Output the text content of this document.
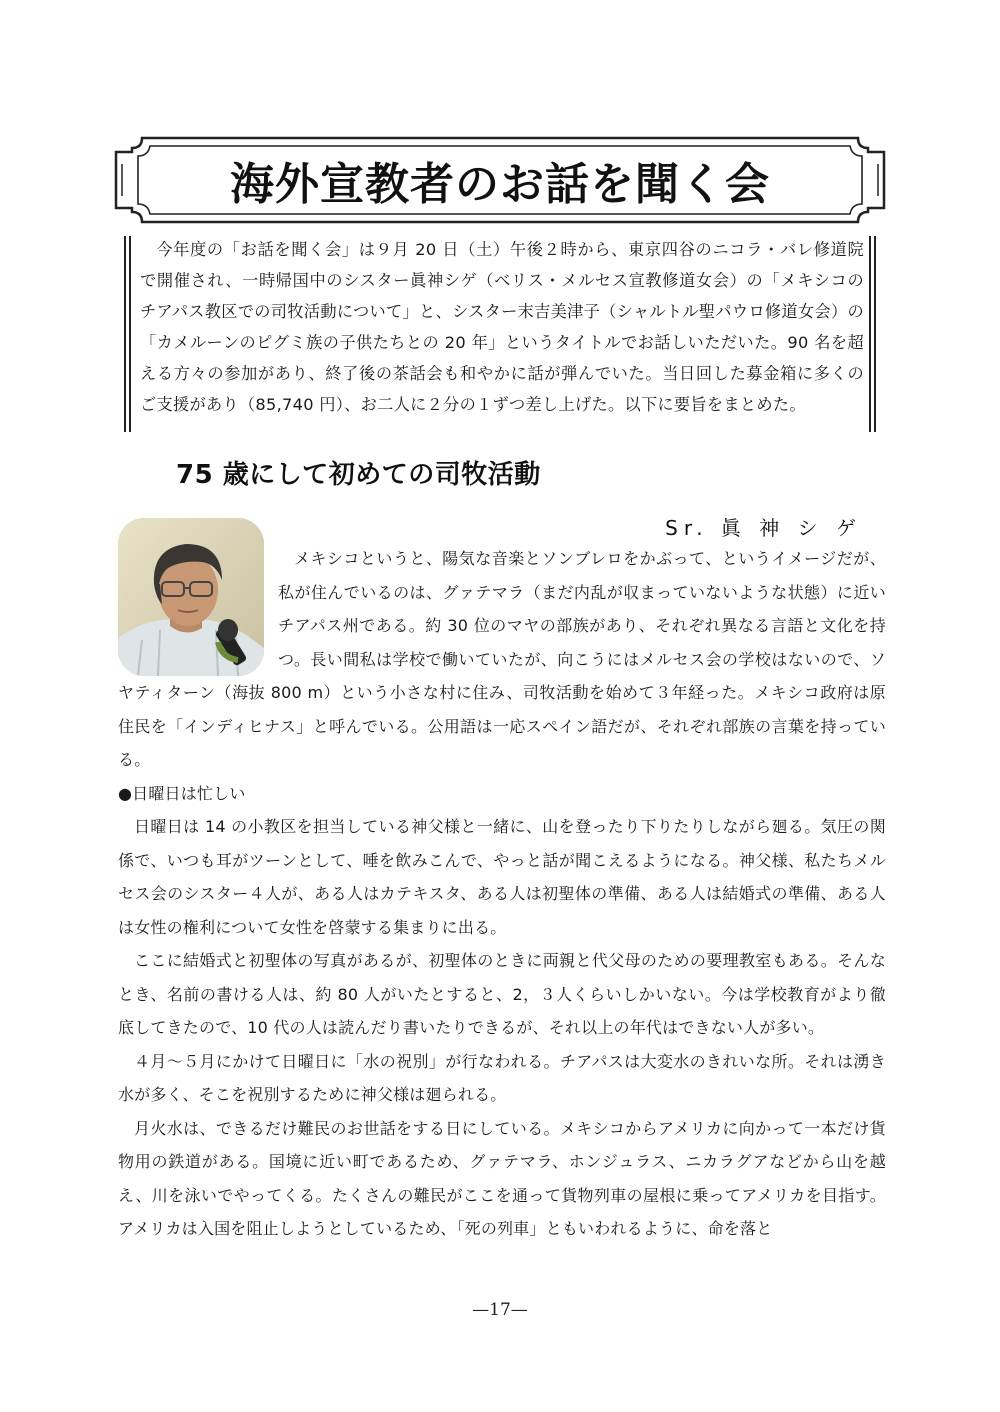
海外宣教者のお話を聞く会

今年度の「お話を聞く会」は９月 20 日（土）午後２時から、東京四谷のニコラ・バレ修道院で開催され、一時帰国中のシスター眞神シゲ（ベリス・メルセス宣教修道女会）の「メキシコのチアパス教区での司牧活動について」と、シスター末吉美津子（シャルトル聖パウロ修道女会）の「カメルーンのピグミ族の子供たちとの 20 年」というタイトルでお話しいただいた。90 名を超える方々の参加があり、終了後の茶話会も和やかに話が弾んでいた。当日回した募金箱に多くのご支援があり（85,740 円）、お二人に２分の１ずつ差し上げた。以下に要旨をまとめた。

75 歳にして初めての司牧活動
Sr. 眞 神 シ ゲ

メキシコというと、陽気な音楽とソンブレロをかぶって、というイメージだが、私が住んでいるのは、グァテマラ（まだ内乱が収まっていないような状態）に近いチアパス州である。約 30 位のマヤの部族があり、それぞれ異なる言語と文化を持つ。長い間私は学校で働いていたが、向こうにはメルセス会の学校はないので、ソヤティターン（海抜 800 m）という小さな村に住み、司牧活動を始めて３年経った。メキシコ政府は原住民を「インディヒナス」と呼んでいる。公用語は一応スペイン語だが、それぞれ部族の言葉を持っている。

●日曜日は忙しい

日曜日は 14 の小教区を担当している神父様と一緒に、山を登ったり下りたりしながら廻る。気圧の関係で、いつも耳がツーンとして、唾を飲みこんで、やっと話が聞こえるようになる。神父様、私たちメルセス会のシスター４人が、ある人はカテキスタ、ある人は初聖体の準備、ある人は結婚式の準備、ある人は女性の権利について女性を啓蒙する集まりに出る。

ここに結婚式と初聖体の写真があるが、初聖体のときに両親と代父母のための要理教室もある。そんなとき、名前の書ける人は、約 80 人がいたとすると、2，３人くらいしかいない。今は学校教育がより徹底してきたので、10 代の人は読んだり書いたりできるが、それ以上の年代はできない人が多い。

４月～５月にかけて日曜日に「水の祝別」が行なわれる。チアパスは大変水のきれいな所。それは湧き水が多く、そこを祝別するために神父様は廻られる。

月火水は、できるだけ難民のお世話をする日にしている。メキシコからアメリカに向かって一本だけ貨物用の鉄道がある。国境に近い町であるため、グァテマラ、ホンジュラス、ニカラグアなどから山を越え、川を泳いでやってくる。たくさんの難民がここを通って貨物列車の屋根に乗ってアメリカを目指す。アメリカは入国を阻止しようとしているため、「死の列車」ともいわれるように、命を落と

—17—
